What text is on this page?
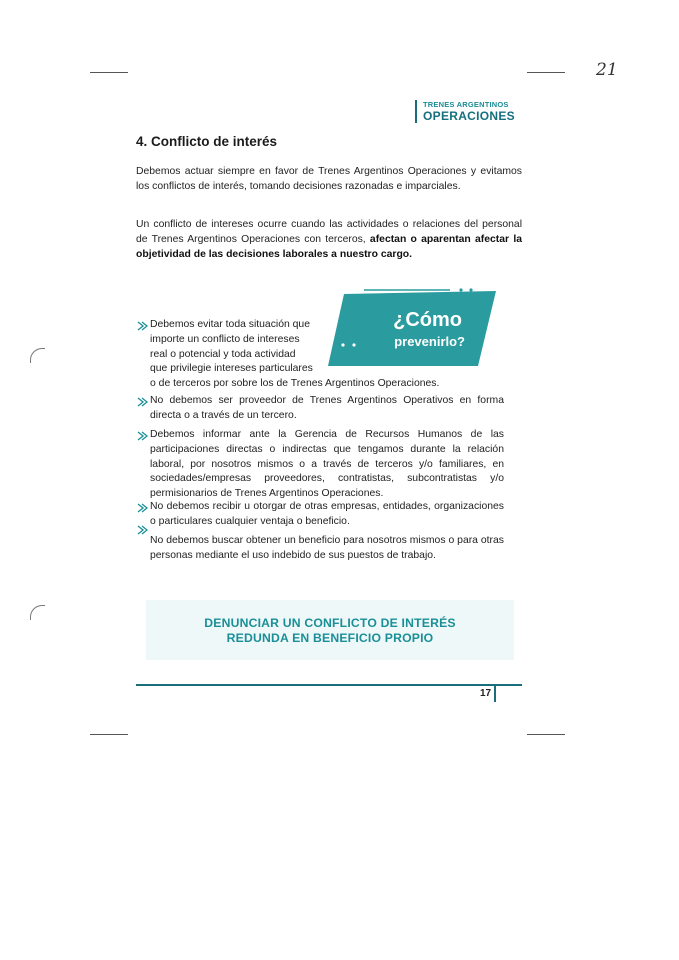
21
TRENES ARGENTINOS
OPERACIONES
4. Conflicto de interés

Debemos actuar siempre en favor de Trenes Argentinos Operaciones y evitamos los conflictos de interés, tomando decisiones razonadas e imparciales.

Un conflicto de intereses ocurre cuando las actividades o relaciones del personal de Trenes Argentinos Operaciones con terceros, afectan o aparentan afectar la objetividad de las decisiones laborales a nuestro cargo.

¿Cómo
prevenirlo?
Debemos evitar toda situación que
importe un conflicto de intereses
real o potencial y toda actividad
que privilegie intereses particulares
o de terceros por sobre los de Trenes Argentinos Operaciones.

No debemos ser proveedor de Trenes Argentinos Operativos en forma directa o a través de un tercero.

Debemos informar ante la Gerencia de Recursos Humanos de las participaciones directas o indirectas que tengamos durante la relación laboral, por nosotros mismos o a través de terceros y/o familiares, en sociedades/empresas proveedores, contratistas, subcontratistas y/o permisionarios de Trenes Argentinos Operaciones.

No debemos recibir u otorgar de otras empresas, entidades, organizaciones o particulares cualquier ventaja o beneficio.

No debemos buscar obtener un beneficio para nosotros mismos o para otras personas mediante el uso indebido de sus puestos de trabajo.

DENUNCIAR UN CONFLICTO DE INTERÉS
REDUNDA EN BENEFICIO PROPIO
17
